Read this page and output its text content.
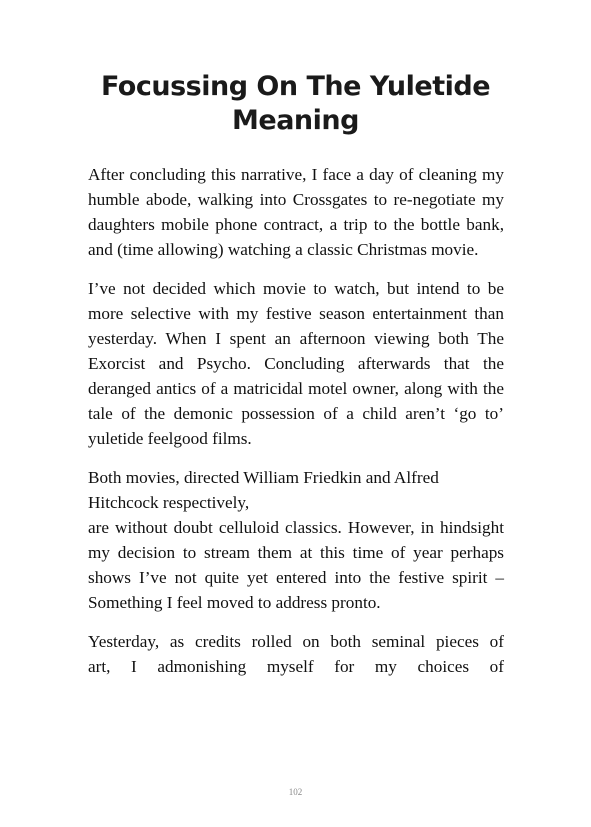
Focussing On The Yuletide Meaning

After concluding this narrative, I face a day of cleaning my humble abode, walking into Crossgates to re-negotiate my daughters mobile phone contract, a trip to the bottle bank, and (time allowing) watching a classic Christmas movie.

I’ve not decided which movie to watch, but intend to be more selective with my festive season entertainment than yesterday. When I spent an afternoon viewing both The Exorcist and Psycho. Concluding afterwards that the deranged antics of a matricidal motel owner, along with the tale of the demonic possession of a child aren’t ‘go to’ yuletide feelgood films.

Both movies, directed William Friedkin and Alfred Hitchcock respectively,
are without doubt celluloid classics. However, in hindsight my decision to stream them at this time of year perhaps shows I’ve not quite yet entered into the festive spirit – Something I feel moved to address pronto.

Yesterday, as credits rolled on both seminal pieces of
art, I admonishing myself for my choices of

102
